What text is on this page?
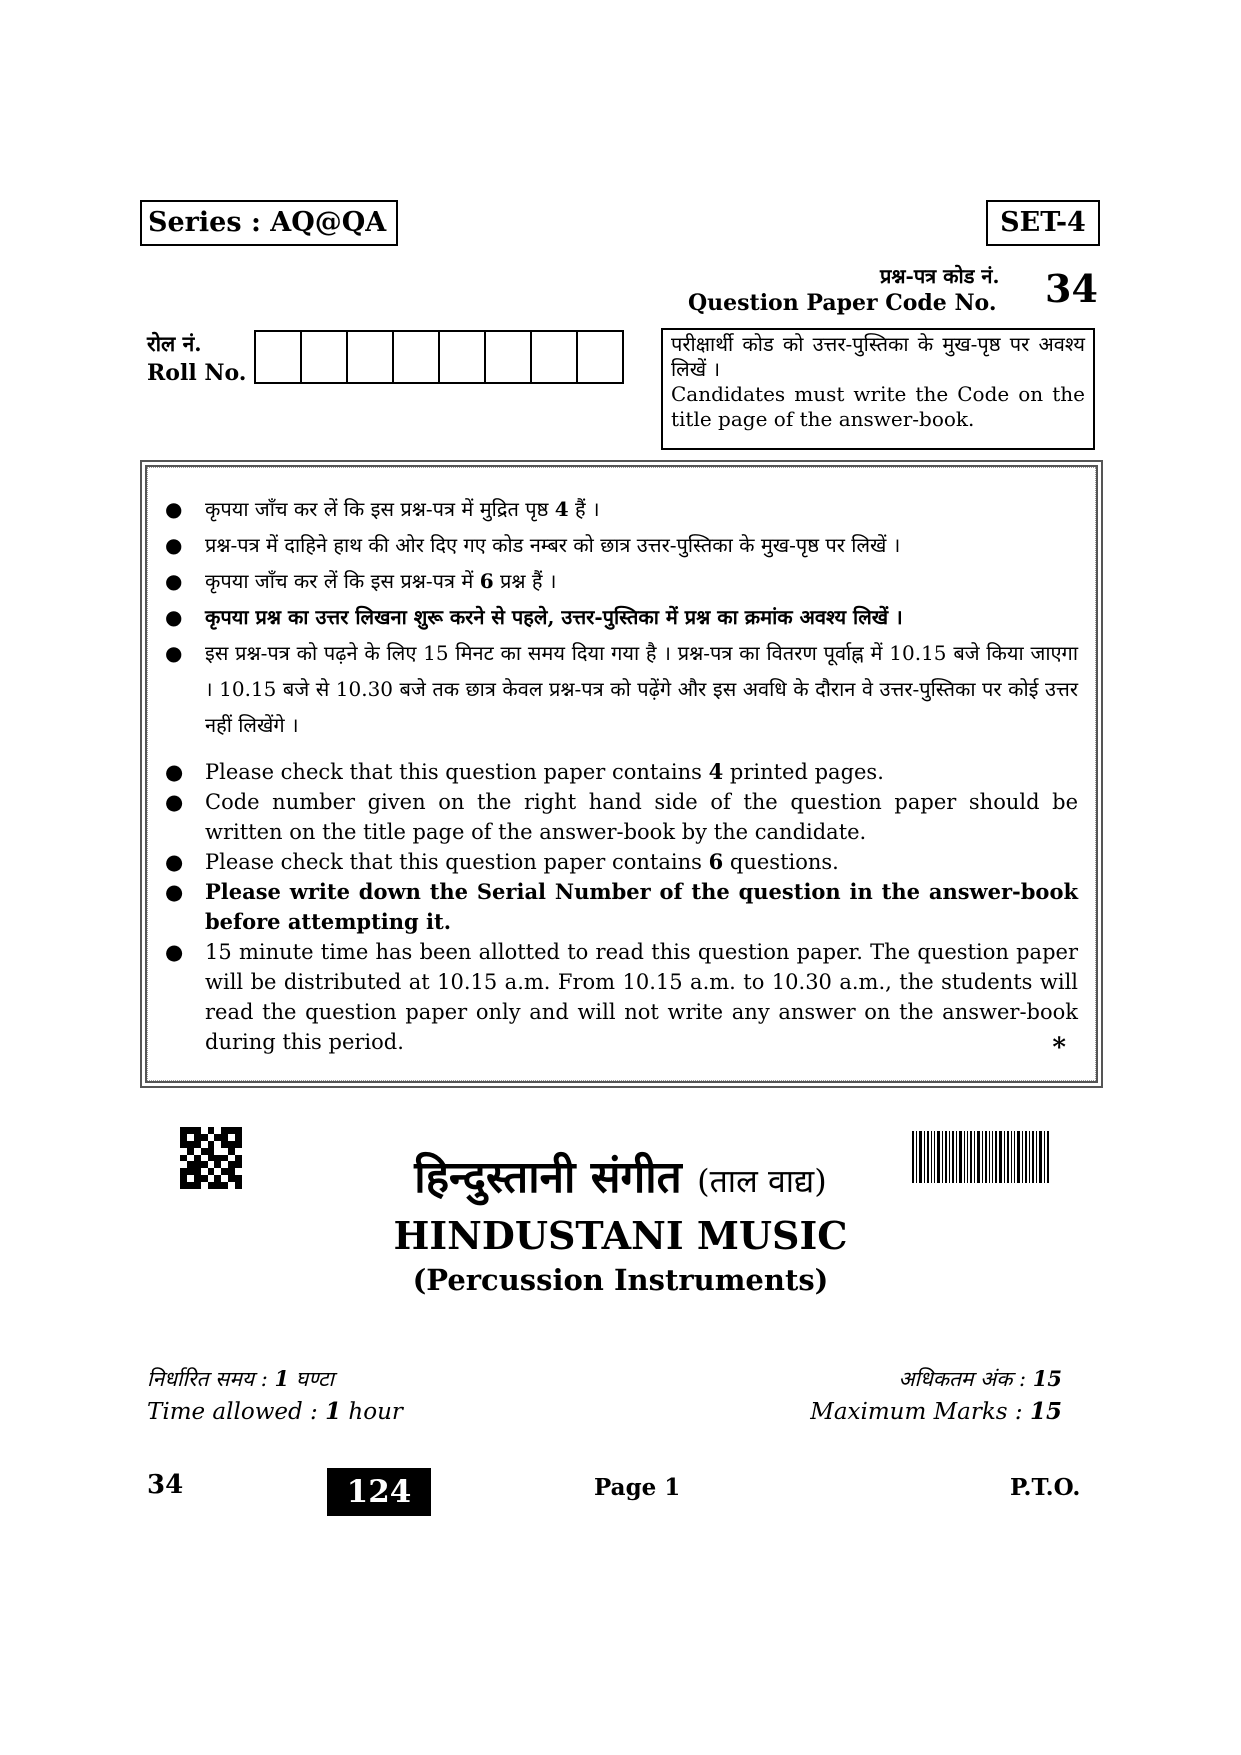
Series : AQ@QA	SET-4
प्रश्न-पत्र कोड नं.
Question Paper Code No. 34
रोल नं.
Roll No.
परीक्षार्थी कोड को उत्तर-पुस्तिका के मुख-पृष्ठ पर अवश्य लिखें ।
Candidates must write the Code on the title page of the answer-book.
● कृपया जाँच कर लें कि इस प्रश्न-पत्र में मुद्रित पृष्ठ 4 हैं ।
● प्रश्न-पत्र में दाहिने हाथ की ओर दिए गए कोड नम्बर को छात्र उत्तर-पुस्तिका के मुख-पृष्ठ पर लिखें ।
● कृपया जाँच कर लें कि इस प्रश्न-पत्र में 6 प्रश्न हैं ।
● कृपया प्रश्न का उत्तर लिखना शुरू करने से पहले, उत्तर-पुस्तिका में प्रश्न का क्रमांक अवश्य लिखें ।
● इस प्रश्न-पत्र को पढ़ने के लिए 15 मिनट का समय दिया गया है । प्रश्न-पत्र का वितरण पूर्वाह्न में 10.15 बजे किया जाएगा । 10.15 बजे से 10.30 बजे तक छात्र केवल प्रश्न-पत्र को पढ़ेंगे और इस अवधि के दौरान वे उत्तर-पुस्तिका पर कोई उत्तर नहीं लिखेंगे ।
● Please check that this question paper contains 4 printed pages.
● Code number given on the right hand side of the question paper should be written on the title page of the answer-book by the candidate.
● Please check that this question paper contains 6 questions.
● Please write down the Serial Number of the question in the answer-book before attempting it.
● 15 minute time has been allotted to read this question paper. The question paper will be distributed at 10.15 a.m. From 10.15 a.m. to 10.30 a.m., the students will read the question paper only and will not write any answer on the answer-book during this period.	*
हिन्दुस्तानी संगीत (ताल वाद्य)
HINDUSTANI MUSIC
(Percussion Instruments)
निर्धारित समय : 1 घण्टा
Time allowed : 1 hour
अधिकतम अंक : 15
Maximum Marks : 15
34	124	Page 1	P.T.O.
